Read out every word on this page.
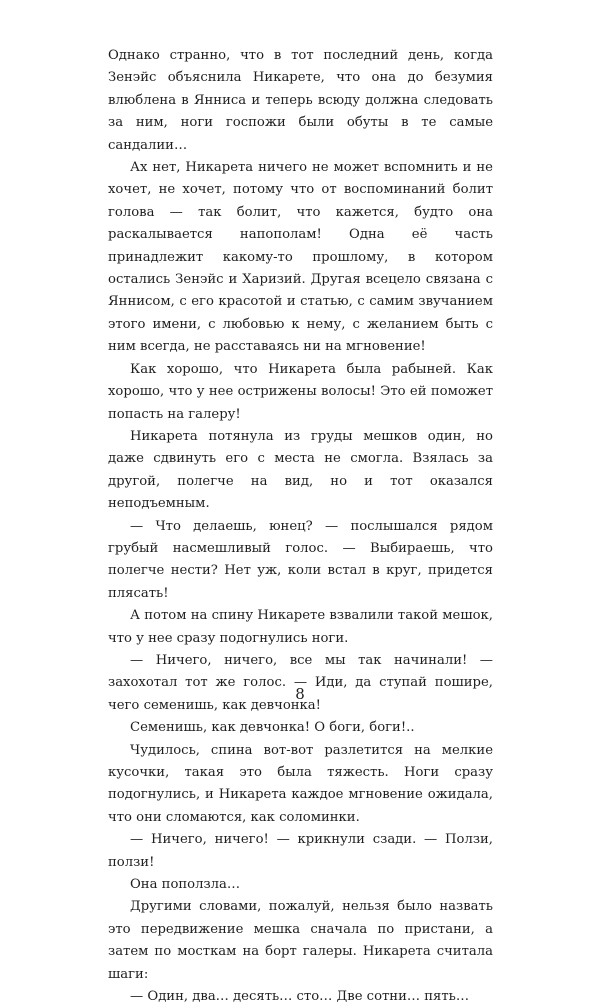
Однако странно, что в тот последний день, когда Зенэйс объяснила Никарете, что она до безумия влюблена в Янниса и теперь всюду должна следовать за ним, ноги госпожи были обуты в те самые сандалии…

Ах нет, Никарета ничего не может вспомнить и не хочет, не хочет, потому что от воспоминаний болит голова — так болит, что кажется, будто она раскалывается напополам! Одна её часть принадлежит какому-то прошлому, в котором остались Зенэйс и Харизий. Другая всецело связана с Яннисом, с его красотой и статью, с самим звучанием этого имени, с любовью к нему, с желанием быть с ним всегда, не расставаясь ни на мгновение!

Как хорошо, что Никарета была рабыней. Как хорошо, что у нее острижены волосы! Это ей поможет попасть на галеру!

Никарета потянула из груды мешков один, но даже сдвинуть его с места не смогла. Взялась за другой, полегче на вид, но и тот оказался неподъемным.

— Что делаешь, юнец? — послышался рядом грубый насмешливый голос. — Выбираешь, что полегче нести? Нет уж, коли встал в круг, придется плясать!

А потом на спину Никарете взвалили такой мешок, что у нее сразу подогнулись ноги.

— Ничего, ничего, все мы так начинали! — захохотал тот же голос. — Иди, да ступай пошире, чего семенишь, как девчонка!

Семенишь, как девчонка! О боги, боги!..

Чудилось, спина вот-вот разлетится на мелкие кусочки, такая это была тяжесть. Ноги сразу подогнулись, и Никарета каждое мгновение ожидала, что они сломаются, как соломинки.

— Ничего, ничего! — крикнули сзади. — Ползи, ползи!

Она поползла…

Другими словами, пожалуй, нельзя было назвать это передвижение мешка сначала по пристани, а затем по мосткам на борт галеры. Никарета считала шаги:

— Один, два… десять… сто… Две сотни… пять…

8
